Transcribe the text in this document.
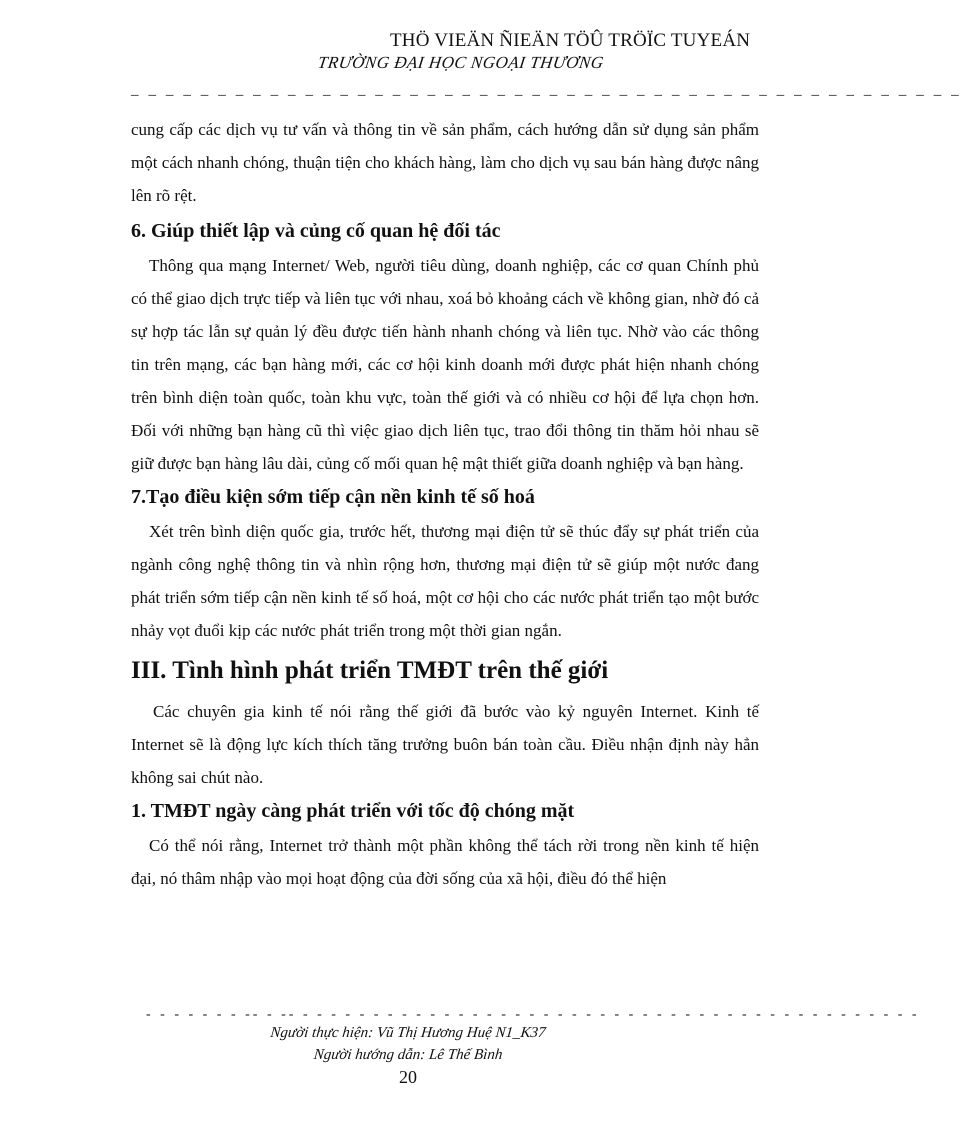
THÖ VIEÄN ÑIEÄN TÖÛ TRÖÏC TUYEÁN
TRƯỜNG ĐẠI HỌC NGOẠI THƯƠNG
_ _ _ _ _ _ _ _ _ _ _ _ _ _ _ _ _ _ _ _ _ _ _ _ _ _ _ _ _ _ _ _ _ _ _ _ _ _ _ _ _ _ _ _ _ _ _ _

cung cấp các dịch vụ tư vấn và thông tin về sản phẩm, cách hướng dẫn sử dụng sản phẩm một cách nhanh chóng, thuận tiện cho khách hàng, làm cho dịch vụ sau bán hàng được nâng lên rõ rệt.

6. Giúp thiết lập và củng cố quan hệ đối tác

Thông qua mạng Internet/ Web, người tiêu dùng, doanh nghiệp, các cơ quan Chính phủ có thể giao dịch trực tiếp và liên tục với nhau, xoá bỏ khoảng cách về không gian, nhờ đó cả sự hợp tác lẫn sự quản lý đều được tiến hành nhanh chóng và liên tục. Nhờ vào các thông tin trên mạng, các bạn hàng mới, các cơ hội kinh doanh mới được phát hiện nhanh chóng trên bình diện toàn quốc, toàn khu vực, toàn thế giới và có nhiều cơ hội để lựa chọn hơn. Đối với những bạn hàng cũ thì việc giao dịch liên tục, trao đổi thông tin thăm hỏi nhau sẽ giữ được bạn hàng lâu dài, củng cố mối quan hệ mật thiết giữa doanh nghiệp và bạn hàng.

7.Tạo điều kiện sớm tiếp cận nền kinh tế số hoá

Xét trên bình diện quốc gia, trước hết, thương mại điện tử sẽ thúc đẩy sự phát triển của ngành công nghệ thông tin và nhìn rộng hơn, thương mại điện tử sẽ giúp một nước đang phát triển sớm tiếp cận nền kinh tế số hoá, một cơ hội cho các nước phát triển tạo một bước nhảy vọt đuổi kịp các nước phát triển trong một thời gian ngắn.

III. Tình hình phát triển TMĐT trên thế giới

Các chuyên gia kinh tế nói rằng thế giới đã bước vào kỷ nguyên Internet. Kinh tế Internet sẽ là động lực kích thích tăng trưởng buôn bán toàn cầu. Điều nhận định này hẳn không sai chút nào.

1. TMĐT ngày càng phát triển với tốc độ chóng mặt

Có thể nói rằng, Internet trở thành một phần không thể tách rời trong nền kinh tế hiện đại, nó thâm nhập vào mọi hoạt động của đời sống của xã hội, điều đó thể hiện

- - - - - - - -- - -- - - - - - - - - - - - - - - - - - - - - - - - - - - - - - - - - - - - - - - - - - - - -
Người thực hiện: Vũ Thị Hương Huệ N1_K37
Người hướng dẫn: Lê Thế Bình
20
